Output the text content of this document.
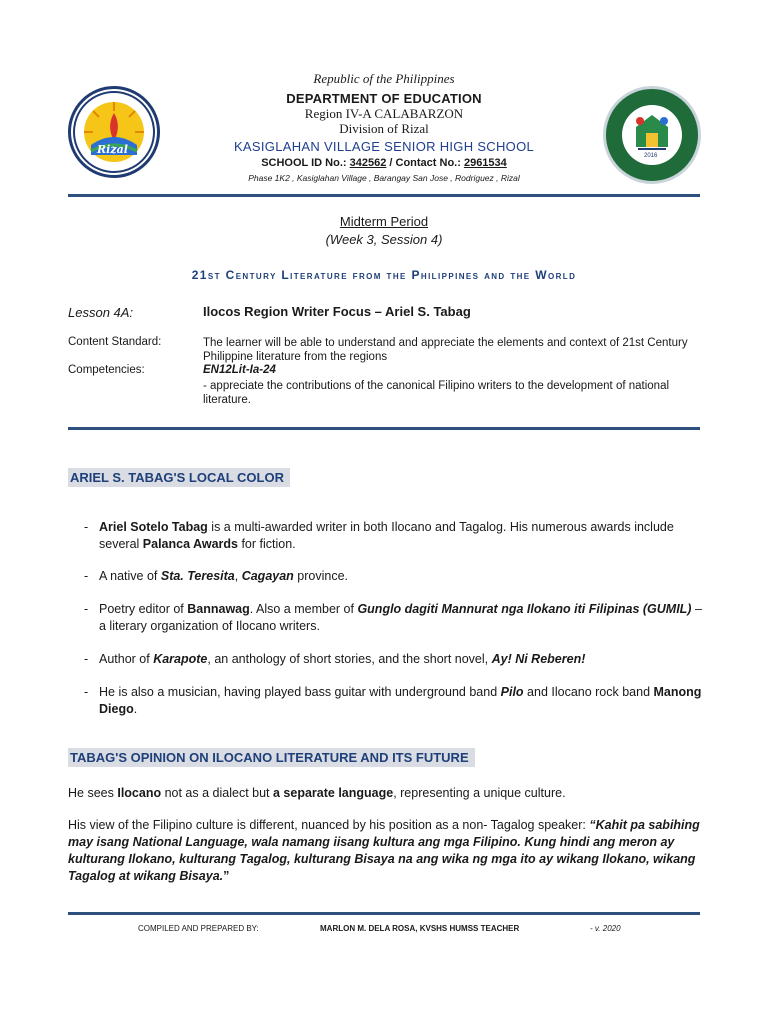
Rizal	2016
Republic of the Philippines
DEPARTMENT OF EDUCATION
Region IV-A CALABARZON
Division of Rizal
KASIGLAHAN VILLAGE SENIOR HIGH SCHOOL
SCHOOL ID No.: 342562 / Contact No.: 2961534
Phase 1K2 , Kasiglahan Village , Barangay San Jose , Rodriguez , Rizal
Midterm Period
(Week 3, Session 4)
21st Century Literature from the Philippines and the World
Lesson 4A:	Ilocos Region Writer Focus – Ariel S. Tabag
Content Standard:	The learner will be able to understand and appreciate the elements and context of 21st Century Philippine literature from the regions
Competencies:	EN12Lit-Ia-24
- appreciate the contributions of the canonical Filipino writers to the development of national literature.
ARIEL S. TABAG'S LOCAL COLOR
- Ariel Sotelo Tabag is a multi-awarded writer in both Ilocano and Tagalog. His numerous awards include several Palanca Awards for fiction.
- A native of Sta. Teresita, Cagayan province.
- Poetry editor of Bannawag. Also a member of Gunglo dagiti Mannurat nga Ilokano iti Filipinas (GUMIL) – a literary organization of Ilocano writers.
- Author of Karapote, an anthology of short stories, and the short novel, Ay! Ni Reberen!
- He is also a musician, having played bass guitar with underground band Pilo and Ilocano rock band Manong Diego.
TABAG'S OPINION ON ILOCANO LITERATURE AND ITS FUTURE
He sees Ilocano not as a dialect but a separate language, representing a unique culture.
His view of the Filipino culture is different, nuanced by his position as a non- Tagalog speaker: “Kahit pa sabihing may isang National Language, wala namang iisang kultura ang mga Filipino. Kung hindi ang meron ay kulturang Ilokano, kulturang Tagalog, kulturang Bisaya na ang wika ng mga ito ay wikang Ilokano, wikang Tagalog at wikang Bisaya.”
COMPILED AND PREPARED BY:	MARLON M. DELA ROSA, KVSHS HUMSS TEACHER	- v. 2020
